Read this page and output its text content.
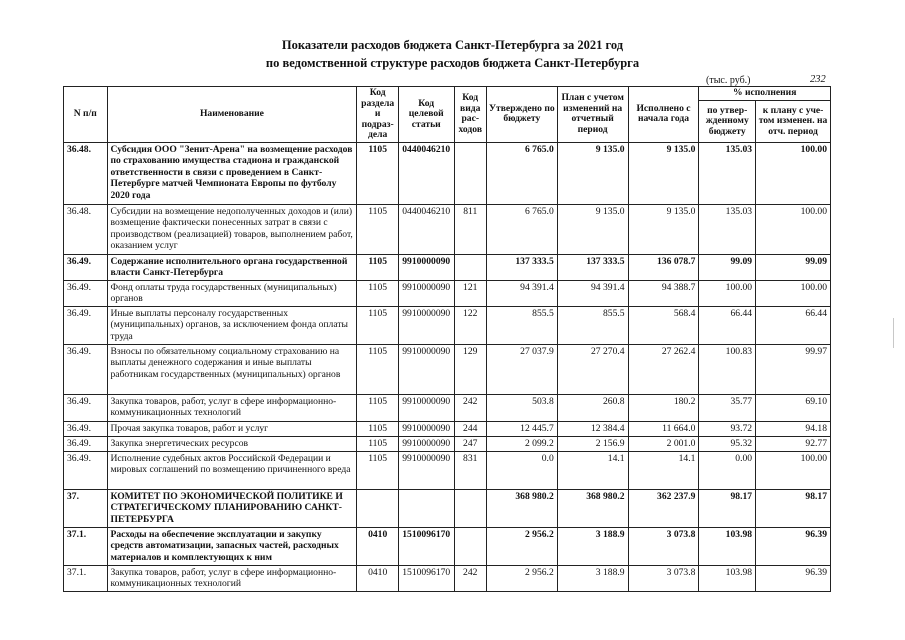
Показатели расходов бюджета Санкт-Петербурга за 2021 год
по ведомственной структуре расходов бюджета Санкт-Петербурга
(тыс. руб.)	232
N п/п	Наименование	Код раздела и подраз-дела	Код целевой статьи	Код вида рас-ходов	Утверждено по бюджету	План с учетом изменений на отчетный период	Исполнено с начала года	% исполнения	
								по утвер-жденному бюджету	к плану с уче-том изменен. на отч. период
36.48.	Субсидия ООО "Зенит-Арена" на возмещение расходов по страхованию имущества стадиона и гражданской ответственности в связи с проведением в Санкт-Петербурге матчей Чемпионата Европы по футболу 2020 года	1105	0440046210		6 765.0	9 135.0	9 135.0	135.03	100.00
36.48.	Субсидии на возмещение недополученных доходов и (или) возмещение фактически понесенных затрат в связи с производством (реализацией) товаров, выполнением работ, оказанием услуг	1105	0440046210	811	6 765.0	9 135.0	9 135.0	135.03	100.00
36.49.	Содержание исполнительного органа государственной власти Санкт-Петербурга	1105	9910000090		137 333.5	137 333.5	136 078.7	99.09	99.09
36.49.	Фонд оплаты труда государственных (муниципальных) органов	1105	9910000090	121	94 391.4	94 391.4	94 388.7	100.00	100.00
36.49.	Иные выплаты персоналу государственных (муниципальных) органов, за исключением фонда оплаты труда	1105	9910000090	122	855.5	855.5	568.4	66.44	66.44
36.49.	Взносы по обязательному социальному страхованию на выплаты денежного содержания и иные выплаты работникам государственных (муниципальных) органов	1105	9910000090	129	27 037.9	27 270.4	27 262.4	100.83	99.97
36.49.	Закупка товаров, работ, услуг в сфере информационно-коммуникационных технологий	1105	9910000090	242	503.8	260.8	180.2	35.77	69.10
36.49.	Прочая закупка товаров, работ и услуг	1105	9910000090	244	12 445.7	12 384.4	11 664.0	93.72	94.18
36.49.	Закупка энергетических ресурсов	1105	9910000090	247	2 099.2	2 156.9	2 001.0	95.32	92.77
36.49.	Исполнение судебных актов Российской Федерации и мировых соглашений по возмещению причиненного вреда	1105	9910000090	831	0.0	14.1	14.1	0.00	100.00
37.	КОМИТЕТ ПО ЭКОНОМИЧЕСКОЙ ПОЛИТИКЕ И СТРАТЕГИЧЕСКОМУ ПЛАНИРОВАНИЮ САНКТ-ПЕТЕРБУРГА				368 980.2	368 980.2	362 237.9	98.17	98.17
37.1.	Расходы на обеспечение эксплуатации и закупку средств автоматизации, запасных частей, расходных материалов и комплектующих к ним	0410	1510096170		2 956.2	3 188.9	3 073.8	103.98	96.39
37.1.	Закупка товаров, работ, услуг в сфере информационно-коммуникационных технологий	0410	1510096170	242	2 956.2	3 188.9	3 073.8	103.98	96.39
